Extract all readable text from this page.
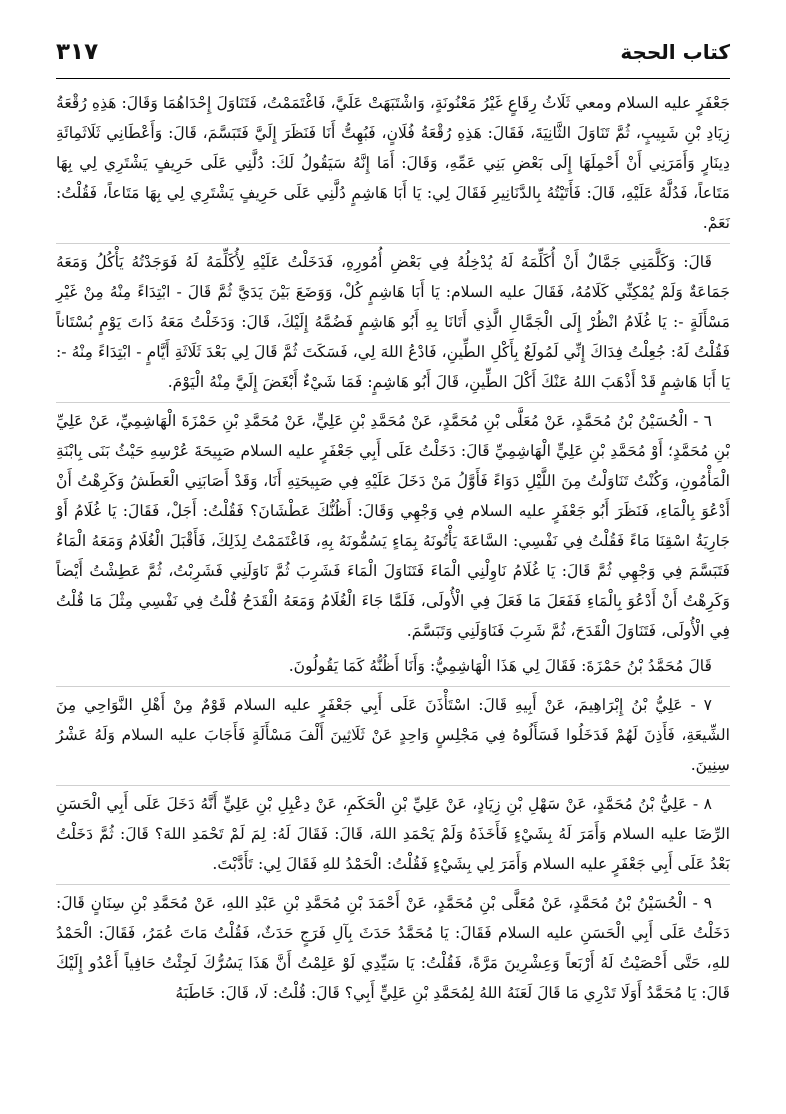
٣١٧	كتاب الحجة

جَعْفَرٍ عليه السلام ومعي ثَلَاثُ رِقَاعٍ غَيْرُ مَعْنُونَةٍ، وَاشْتَبَهَتْ عَلَيَّ، فَاغْتَمَمْتُ، فَتَنَاوَلَ إِحْدَاهُمَا وَقَالَ: هَذِهِ رُقْعَةُ زِيَادِ بْنِ شَبِيبٍ، ثُمَّ تَنَاوَلَ الثَّانِيَةَ، فَقَالَ: هَذِهِ رُقْعَةُ فُلَانٍ، فَبُهِتُّ أَنَا فَنَظَرَ إِلَيَّ فَتَبَسَّمَ، قَالَ: وَأَعْطَانِي ثَلَاثَمِائَةِ دِينَارٍ وَأَمَرَنِي أَنْ أَحْمِلَهَا إِلَى بَعْضِ بَنِي عَمِّهِ، وَقَالَ: أَمَا إِنَّهُ سَيَقُولُ لَكَ: دُلَّنِي عَلَى حَرِيفٍ يَشْتَرِي لِي بِهَا مَتَاعاً، فَدُلَّهُ عَلَيْهِ، قَالَ: فَأَتَيْتُهُ بِالدَّنَانِيرِ فَقَالَ لِي: يَا أَبَا هَاشِمٍ دُلَّنِي عَلَى حَرِيفٍ يَشْتَرِي لِي بِهَا مَتَاعاً، فَقُلْتُ: نَعَمْ.

قَالَ: وَكَلَّمَنِي جَمَّالٌ أَنْ أُكَلِّمَهُ لَهُ يُدْخِلُهُ فِي بَعْضِ أُمُورِهِ، فَدَخَلْتُ عَلَيْهِ لِأُكَلِّمَهُ لَهُ فَوَجَدْتُهُ يَأْكُلُ وَمَعَهُ جَمَاعَةٌ وَلَمْ يُمْكِنِّي كَلَامُهُ، فَقَالَ عليه السلام: يَا أَبَا هَاشِمٍ كُلْ، وَوَضَعَ بَيْنَ يَدَيَّ ثُمَّ قَالَ - ابْتِدَاءً مِنْهُ مِنْ غَيْرِ مَسْأَلَةٍ -: يَا غُلَامُ انْظُرْ إِلَى الْجَمَّالِ الَّذِي أَتَانَا بِهِ أَبُو هَاشِمٍ فَضُمَّهُ إِلَيْكَ، قَالَ: وَدَخَلْتُ مَعَهُ ذَاتَ يَوْمٍ بُسْتَاناً فَقُلْتُ لَهُ: جُعِلْتُ فِدَاكَ إِنِّي لَمُولَعٌ بِأَكْلِ الطِّينِ، فَادْعُ اللهَ لِي، فَسَكَتَ ثُمَّ قَالَ لِي بَعْدَ ثَلَاثَةِ أَيَّامٍ - ابْتِدَاءً مِنْهُ -: يَا أَبَا هَاشِمٍ قَدْ أَذْهَبَ اللهُ عَنْكَ أَكْلَ الطِّينِ، قَالَ أَبُو هَاشِمٍ: فَمَا شَيْءٌ أَبْغَضَ إِلَيَّ مِنْهُ الْيَوْمَ.

٦ - الْحُسَيْنُ بْنُ مُحَمَّدٍ، عَنْ مُعَلَّى بْنِ مُحَمَّدٍ، عَنْ مُحَمَّدِ بْنِ عَلِيٍّ، عَنْ مُحَمَّدِ بْنِ حَمْزَةَ الْهَاشِمِيِّ، عَنْ عَلِيِّ بْنِ مُحَمَّدٍ؛ أَوْ مُحَمَّدِ بْنِ عَلِيٍّ الْهَاشِمِيِّ قَالَ: دَخَلْتُ عَلَى أَبِي جَعْفَرٍ عليه السلام صَبِيحَةَ عُرْسِهِ حَيْثُ بَنَى بِابْنَةِ الْمَأْمُونِ، وَكُنْتُ تَنَاوَلْتُ مِنَ اللَّيْلِ دَوَاءً فَأَوَّلُ مَنْ دَخَلَ عَلَيْهِ فِي صَبِيحَتِهِ أَنَا، وَقَدْ أَصَابَنِي الْعَطَشُ وَكَرِهْتُ أَنْ أَدْعُوَ بِالْمَاءِ، فَنَظَرَ أَبُو جَعْفَرٍ عليه السلام فِي وَجْهِي وَقَالَ: أَظُنُّكَ عَطْشَانَ؟ فَقُلْتُ: أَجَلْ، فَقَالَ: يَا غُلَامُ أَوْ جَارِيَةُ اسْقِنَا مَاءً فَقُلْتُ فِي نَفْسِي: السَّاعَةَ يَأْتُونَهُ بِمَاءٍ يَسُمُّونَهُ بِهِ، فَاغْتَمَمْتُ لِذَلِكَ، فَأَقْبَلَ الْغُلَامُ وَمَعَهُ الْمَاءُ فَتَبَسَّمَ فِي وَجْهِي ثُمَّ قَالَ: يَا غُلَامُ نَاوِلْنِي الْمَاءَ فَتَنَاوَلَ الْمَاءَ فَشَرِبَ ثُمَّ نَاوَلَنِي فَشَرِبْتُ، ثُمَّ عَطِشْتُ أَيْضاً وَكَرِهْتُ أَنْ أَدْعُوَ بِالْمَاءِ فَفَعَلَ مَا فَعَلَ فِي الْأُولَى، فَلَمَّا جَاءَ الْغُلَامُ وَمَعَهُ الْقَدَحُ قُلْتُ فِي نَفْسِي مِثْلَ مَا قُلْتُ فِي الْأُولَى، فَتَنَاوَلَ الْقَدَحَ، ثُمَّ شَرِبَ فَنَاوَلَنِي وَتَبَسَّمَ.

قَالَ مُحَمَّدُ بْنُ حَمْزَةَ: فَقَالَ لِي هَذَا الْهَاشِمِيُّ: وَأَنَا أَظُنُّهُ كَمَا يَقُولُونَ.

٧ - عَلِيُّ بْنُ إِبْرَاهِيمَ، عَنْ أَبِيهِ قَالَ: اسْتَأْذَنَ عَلَى أَبِي جَعْفَرٍ عليه السلام قَوْمٌ مِنْ أَهْلِ النَّوَاحِي مِنَ الشِّيعَةِ، فَأَذِنَ لَهُمْ فَدَخَلُوا فَسَأَلُوهُ فِي مَجْلِسٍ وَاحِدٍ عَنْ ثَلَاثِينَ أَلْفَ مَسْأَلَةٍ فَأَجَابَ عليه السلام وَلَهُ عَشْرُ سِنِينَ.

٨ - عَلِيُّ بْنُ مُحَمَّدٍ، عَنْ سَهْلِ بْنِ زِيَادٍ، عَنْ عَلِيِّ بْنِ الْحَكَمِ، عَنْ دِعْبِلِ بْنِ عَلِيٍّ أَنَّهُ دَخَلَ عَلَى أَبِي الْحَسَنِ الرِّضَا عليه السلام وَأَمَرَ لَهُ بِشَيْءٍ فَأَخَذَهُ وَلَمْ يَحْمَدِ اللهَ، قَالَ: فَقَالَ لَهُ: لِمَ لَمْ تَحْمَدِ اللهَ؟ قَالَ: ثُمَّ دَخَلْتُ بَعْدُ عَلَى أَبِي جَعْفَرٍ عليه السلام وَأَمَرَ لِي بِشَيْءٍ فَقُلْتُ: الْحَمْدُ للهِ فَقَالَ لِي: تَأَدَّبْتَ.

٩ - الْحُسَيْنُ بْنُ مُحَمَّدٍ، عَنْ مُعَلَّى بْنِ مُحَمَّدٍ، عَنْ أَحْمَدَ بْنِ مُحَمَّدِ بْنِ عَبْدِ اللهِ، عَنْ مُحَمَّدِ بْنِ سِنَانٍ قَالَ: دَخَلْتُ عَلَى أَبِي الْحَسَنِ عليه السلام فَقَالَ: يَا مُحَمَّدُ حَدَثَ بِآلِ فَرَجٍ حَدَثٌ، فَقُلْتُ مَاتَ عُمَرُ، فَقَالَ: الْحَمْدُ للهِ، حَتَّى أَحْصَيْتُ لَهُ أَرْبَعاً وَعِشْرِينَ مَرَّةً، فَقُلْتُ: يَا سَيِّدِي لَوْ عَلِمْتُ أَنَّ هَذَا يَسُرُّكَ لَجِئْتُ حَافِياً أَعْدُو إِلَيْكَ قَالَ: يَا مُحَمَّدُ أَوَلَا تَدْرِي مَا قَالَ لَعَنَهُ اللهُ لِمُحَمَّدِ بْنِ عَلِيٍّ أَبِي؟ قَالَ: قُلْتُ: لَا، قَالَ: خَاطَبَهُ
